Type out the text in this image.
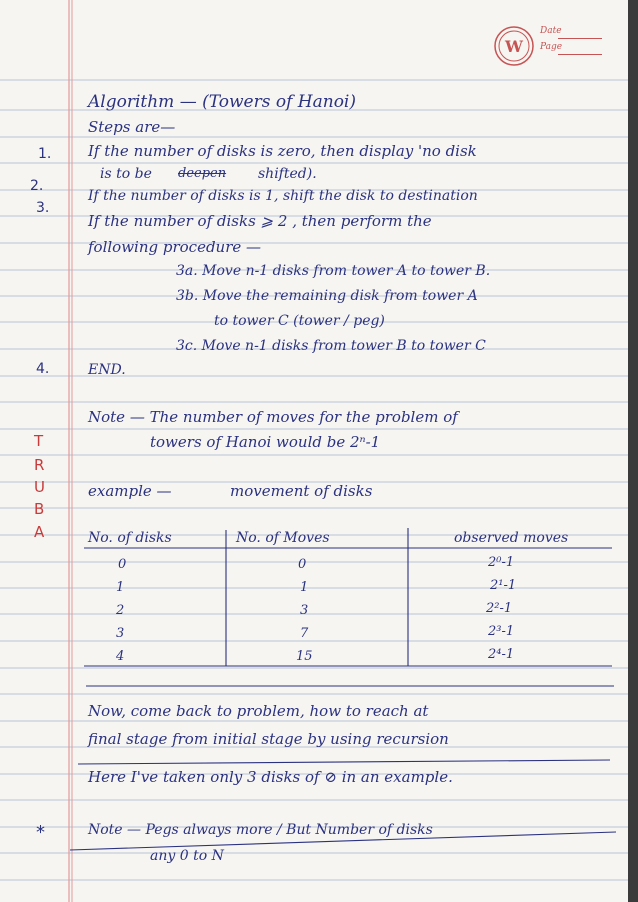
W
Date
Page
1.
2.
3.
4.
T
R
U
B
A
Algorithm — (Towers of Hanoi)
Steps are—
If the number of disks is zero, then display 'no disk
is to be deepen shifted).
If the number of disks is 1, shift the disk to destination
If the number of disks ⩾ 2 , then perform the
following procedure —
3a. Move n-1 disks from tower A to tower B.
3b. Move the remaining disk from tower A
to tower C (tower / peg)
3c. Move n-1 disks from tower B to tower C
END.
Note — The number of moves for the problem of
towers of Hanoi would be 2ⁿ-1
example —	movement of disks
No. of disks	No. of Moves	observed moves
0	0	2⁰-1
1	1	2¹-1
2	3	2²-1
3	7	2³-1
4	15	2⁴-1
Now, come back to problem, how to reach at
final stage from initial stage by using recursion
Here I've taken only 3 disks of ⊘ in an example.
*	Note — Pegs always more / But Number of disks
any 0 to N
